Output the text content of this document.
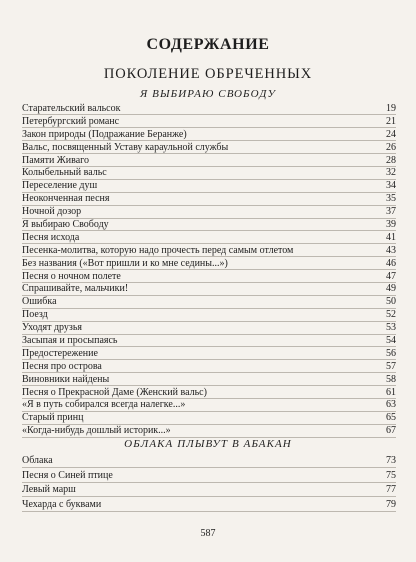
СОДЕРЖАНИЕ
ПОКОЛЕНИЕ ОБРЕЧЕННЫХ
Я ВЫБИРАЮ СВОБОДУ
Старательский вальсок	19
Петербургский романс	21
Закон природы (Подражание Беранже)	24
Вальс, посвященный Уставу караульной службы	26
Памяти Живаго	28
Колыбельный вальс	32
Переселение душ	34
Неоконченная песня	35
Ночной дозор	37
Я выбираю Свободу	39
Песня исхода	41
Песенка-молитва, которую надо прочесть перед самым отлетом	43
Без названия («Вот пришли и ко мне седины...»)	46
Песня о ночном полете	47
Спрашивайте, мальчики!	49
Ошибка	50
Поезд	52
Уходят друзья	53
Засыпая и просыпаясь	54
Предостережение	56
Песня про острова	57
Виновники найдены	58
Песня о Прекрасной Даме (Женский вальс)	61
«Я в путь собирался всегда налегке...»	63
Старый принц	65
«Когда-нибудь дошлый историк...»	67
ОБЛАКА ПЛЫВУТ В АБАКАН
Облака	73
Песня о Синей птице	75
Левый марш	77
Чехарда с буквами	79
587
